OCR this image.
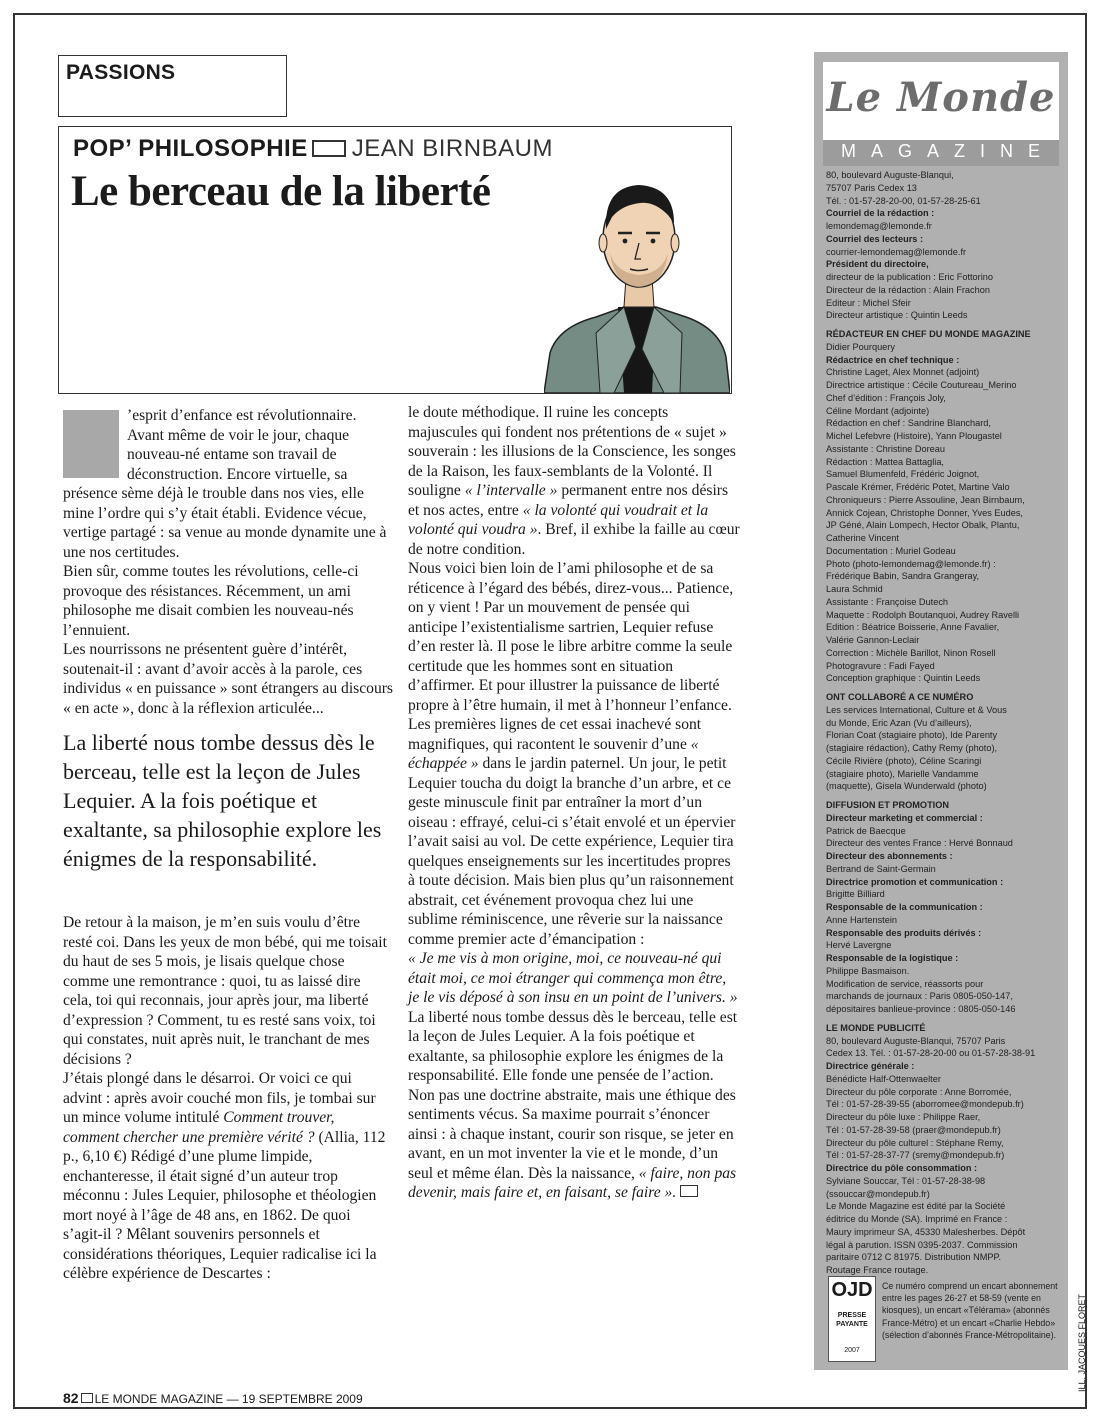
PASSIONS
POP’ PHILOSOPHIE JEAN BIRNBAUM
Le berceau de la liberté
L ’esprit d’enfance est révolutionnaire. Avant même de voir le jour, chaque nouveau-né entame son travail de déconstruction. Encore virtuelle, sa présence sème déjà le trouble dans nos vies, elle mine l’ordre qui s’y était établi. Evidence vécue, vertige partagé : sa venue au monde dynamite une à une nos certitudes.

Bien sûr, comme toutes les révolutions, celle-ci provoque des résistances. Récemment, un ami philosophe me disait combien les nouveau-nés l’ennuient.

Les nourrissons ne présentent guère d’intérêt, soutenait-il : avant d’avoir accès à la parole, ces individus « en puissance » sont étrangers au discours « en acte », donc à la réflexion articulée...

La liberté nous tombe dessus dès le berceau, telle est la leçon de Jules Lequier. A la fois poétique et exaltante, sa philosophie explore les énigmes de la responsabilité.

De retour à la maison, je m’en suis voulu d’être resté coi. Dans les yeux de mon bébé, qui me toisait du haut de ses 5 mois, je lisais quelque chose comme une remontrance : quoi, tu as laissé dire cela, toi qui reconnais, jour après jour, ma liberté d’expression ? Comment, tu es resté sans voix, toi qui constates, nuit après nuit, le tranchant de mes décisions ?

J’étais plongé dans le désarroi. Or voici ce qui advint : après avoir couché mon fils, je tombai sur un mince volume intitulé Comment trouver, comment chercher une première vérité ? (Allia, 112 p., 6,10 €) Rédigé d’une plume limpide, enchanteresse, il était signé d’un auteur trop méconnu : Jules Lequier, philosophe et théologien mort noyé à l’âge de 48 ans, en 1862. De quoi s’agit-il ? Mêlant souvenirs personnels et considérations théoriques, Lequier radicalise ici la célèbre expérience de Descartes :

le doute méthodique. Il ruine les concepts majuscules qui fondent nos prétentions de « sujet » souverain : les illusions de la Conscience, les songes de la Raison, les faux-semblants de la Volonté. Il souligne « l’intervalle » permanent entre nos désirs et nos actes, entre « la volonté qui voudrait et la volonté qui voudra ». Bref, il exhibe la faille au cœur de notre condition.

Nous voici bien loin de l’ami philosophe et de sa réticence à l’égard des bébés, direz-vous... Patience, on y vient ! Par un mouvement de pensée qui anticipe l’existentialisme sartrien, Lequier refuse d’en rester là. Il pose le libre arbitre comme la seule certitude que les hommes sont en situation d’affirmer. Et pour illustrer la puissance de liberté propre à l’être humain, il met à l’honneur l’enfance.

Les premières lignes de cet essai inachevé sont magnifiques, qui racontent le souvenir d’une « échappée » dans le jardin paternel. Un jour, le petit Lequier toucha du doigt la branche d’un arbre, et ce geste minuscule finit par entraîner la mort d’un oiseau : effrayé, celui-ci s’était envolé et un épervier l’avait saisi au vol. De cette expérience, Lequier tira quelques enseignements sur les incertitudes propres à toute décision. Mais bien plus qu’un raisonnement abstrait, cet événement provoqua chez lui une sublime réminiscence, une rêverie sur la naissance comme premier acte d’émancipation :

« Je me vis à mon origine, moi, ce nouveau-né qui était moi, ce moi étranger qui commença mon être, je le vis déposé à son insu en un point de l’univers. »

La liberté nous tombe dessus dès le berceau, telle est la leçon de Jules Lequier. A la fois poétique et exaltante, sa philosophie explore les énigmes de la responsabilité. Elle fonde une pensée de l’action. Non pas une doctrine abstraite, mais une éthique des sentiments vécus. Sa maxime pourrait s’énoncer ainsi : à chaque instant, courir son risque, se jeter en avant, en un mot inventer la vie et le monde, d’un seul et même élan. Dès la naissance, « faire, non pas devenir, mais faire et, en faisant, se faire ».

82 LE MONDE MAGAZINE — 19 SEPTEMBRE 2009
Le Monde
MAGAZINE
80, boulevard Auguste-Blanqui,
75707 Paris Cedex 13
Tél. : 01-57-28-20-00, 01-57-28-25-61
Courriel de la rédaction :
lemondemag@lemonde.fr
Courriel des lecteurs :
courrier-lemondemag@lemonde.fr
Président du directoire,
directeur de la publication : Eric Fottorino
Directeur de la rédaction : Alain Frachon
Editeur : Michel Sfeir
Directeur artistique : Quintin Leeds
RÉDACTEUR EN CHEF DU MONDE MAGAZINE
Didier Pourquery
Rédactrice en chef technique :
Christine Laget, Alex Monnet (adjoint)
Directrice artistique : Cécile Coutureau_Merino
Chef d’édition : François Joly,
Céline Mordant (adjointe)
Rédaction en chef : Sandrine Blanchard,
Michel Lefebvre (Histoire), Yann Plougastel
Assistante : Christine Doreau
Rédaction : Mattea Battaglia,
Samuel Blumenfeld, Frédéric Joignot,
Pascale Krémer, Frédéric Potet, Martine Valo
Chroniqueurs : Pierre Assouline, Jean Birnbaum,
Annick Cojean, Christophe Donner, Yves Eudes,
JP Géné, Alain Lompech, Hector Obalk, Plantu,
Catherine Vincent
Documentation : Muriel Godeau
Photo (photo-lemondemag@lemonde.fr) :
Frédérique Babin, Sandra Grangeray,
Laura Schmid
Assistante : Françoise Dutech
Maquette : Rodolph Boutanquoi, Audrey Ravelli
Edition : Béatrice Boisserie, Anne Favalier,
Valérie Gannon-Leclair
Correction : Michèle Barillot, Ninon Rosell
Photogravure : Fadi Fayed
Conception graphique : Quintin Leeds
ONT COLLABORÉ A CE NUMÉRO
Les services International, Culture et & Vous
du Monde, Eric Azan (Vu d’ailleurs),
Florian Coat (stagiaire photo), Ide Parenty
(stagiaire rédaction), Cathy Remy (photo),
Cécile Rivière (photo), Céline Scaringi
(stagiaire photo), Marielle Vandamme
(maquette), Gisela Wunderwald (photo)
DIFFUSION ET PROMOTION
Directeur marketing et commercial :
Patrick de Baecque
Directeur des ventes France : Hervé Bonnaud
Directeur des abonnements :
Bertrand de Saint-Germain
Directrice promotion et communication :
Brigitte Billiard
Responsable de la communication :
Anne Hartenstein
Responsable des produits dérivés :
Hervé Lavergne
Responsable de la logistique :
Philippe Basmaison.
Modification de service, réassorts pour
marchands de journaux : Paris 0805-050-147,
dépositaires banlieue-province : 0805-050-146
LE MONDE PUBLICITÉ
80, boulevard Auguste-Blanqui, 75707 Paris
Cedex 13. Tél. : 01-57-28-20-00 ou 01-57-28-38-91
Directrice générale :
Bénédicte Half-Ottenwaelter
Directeur du pôle corporate : Anne Borromée,
Tél : 01-57-28-39-55 (aborromee@mondepub.fr)
Directeur du pôle luxe : Philippe Raer,
Tél : 01-57-28-39-58 (praer@mondepub.fr)
Directeur du pôle culturel : Stéphane Remy,
Tél : 01-57-28-37-77 (sremy@mondepub.fr)
Directrice du pôle consommation :
Sylviane Souccar, Tél : 01-57-28-38-98
(ssouccar@mondepub.fr)
Le Monde Magazine est édité par la Société
éditrice du Monde (SA). Imprimé en France :
Maury imprimeur SA, 45330 Malesherbes. Dépôt
légal à parution. ISSN 0395-2037. Commission
paritaire 0712 C 81975. Distribution NMPP.
Routage France routage.
OJD
PRESSE PAYANTE
2007
Ce numéro comprend un encart abonnement entre les pages 26-27 et 58-59 (vente en kiosques), un encart «Télérama» (abonnés France-Métro) et un encart «Charlie Hebdo» (sélection d’abonnés France-Métropolitaine).	ILL. JACQUES FLORET
